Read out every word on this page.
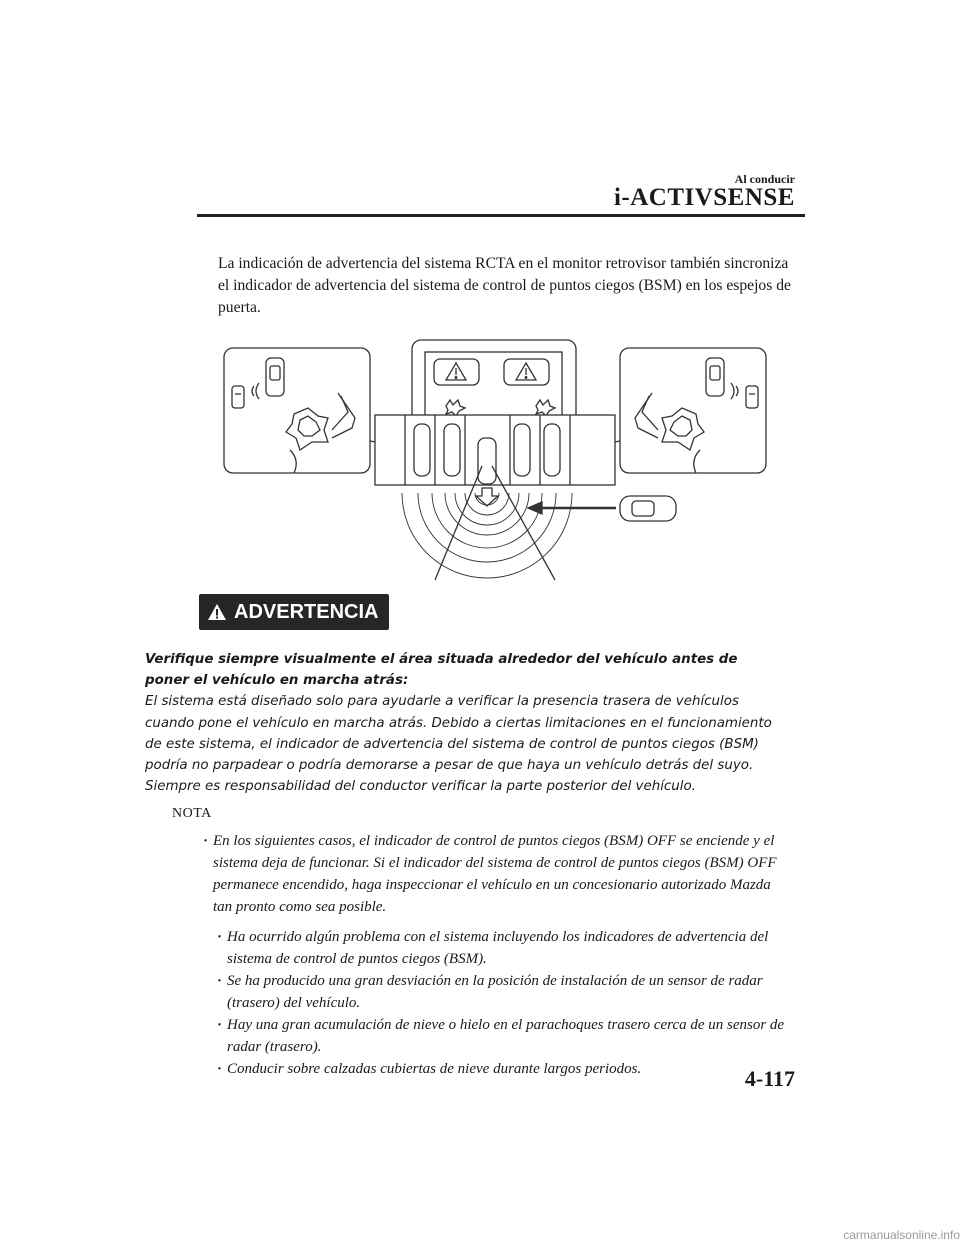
Al conducir
i-ACTIVSENSE

La indicación de advertencia del sistema RCTA en el monitor retrovisor también sincroniza el indicador de advertencia del sistema de control de puntos ciegos (BSM) en los espejos de puerta.

ADVERTENCIA
Verifique siempre visualmente el área situada alrededor del vehículo antes de poner el vehículo en marcha atrás:
El sistema está diseñado solo para ayudarle a verificar la presencia trasera de vehículos cuando pone el vehículo en marcha atrás. Debido a ciertas limitaciones en el funcionamiento de este sistema, el indicador de advertencia del sistema de control de puntos ciegos (BSM) podría no parpadear o podría demorarse a pesar de que haya un vehículo detrás del suyo. Siempre es responsabilidad del conductor verificar la parte posterior del vehículo.
NOTA
· En los siguientes casos, el indicador de control de puntos ciegos (BSM) OFF se enciende y el sistema deja de funcionar. Si el indicador del sistema de control de puntos ciegos (BSM) OFF permanece encendido, haga inspeccionar el vehículo en un concesionario autorizado Mazda tan pronto como sea posible.
· Ha ocurrido algún problema con el sistema incluyendo los indicadores de advertencia del sistema de control de puntos ciegos (BSM).
· Se ha producido una gran desviación en la posición de instalación de un sensor de radar (trasero) del vehículo.
· Hay una gran acumulación de nieve o hielo en el parachoques trasero cerca de un sensor de radar (trasero).
· Conducir sobre calzadas cubiertas de nieve durante largos periodos.	4-117
carmanualsonline.info
